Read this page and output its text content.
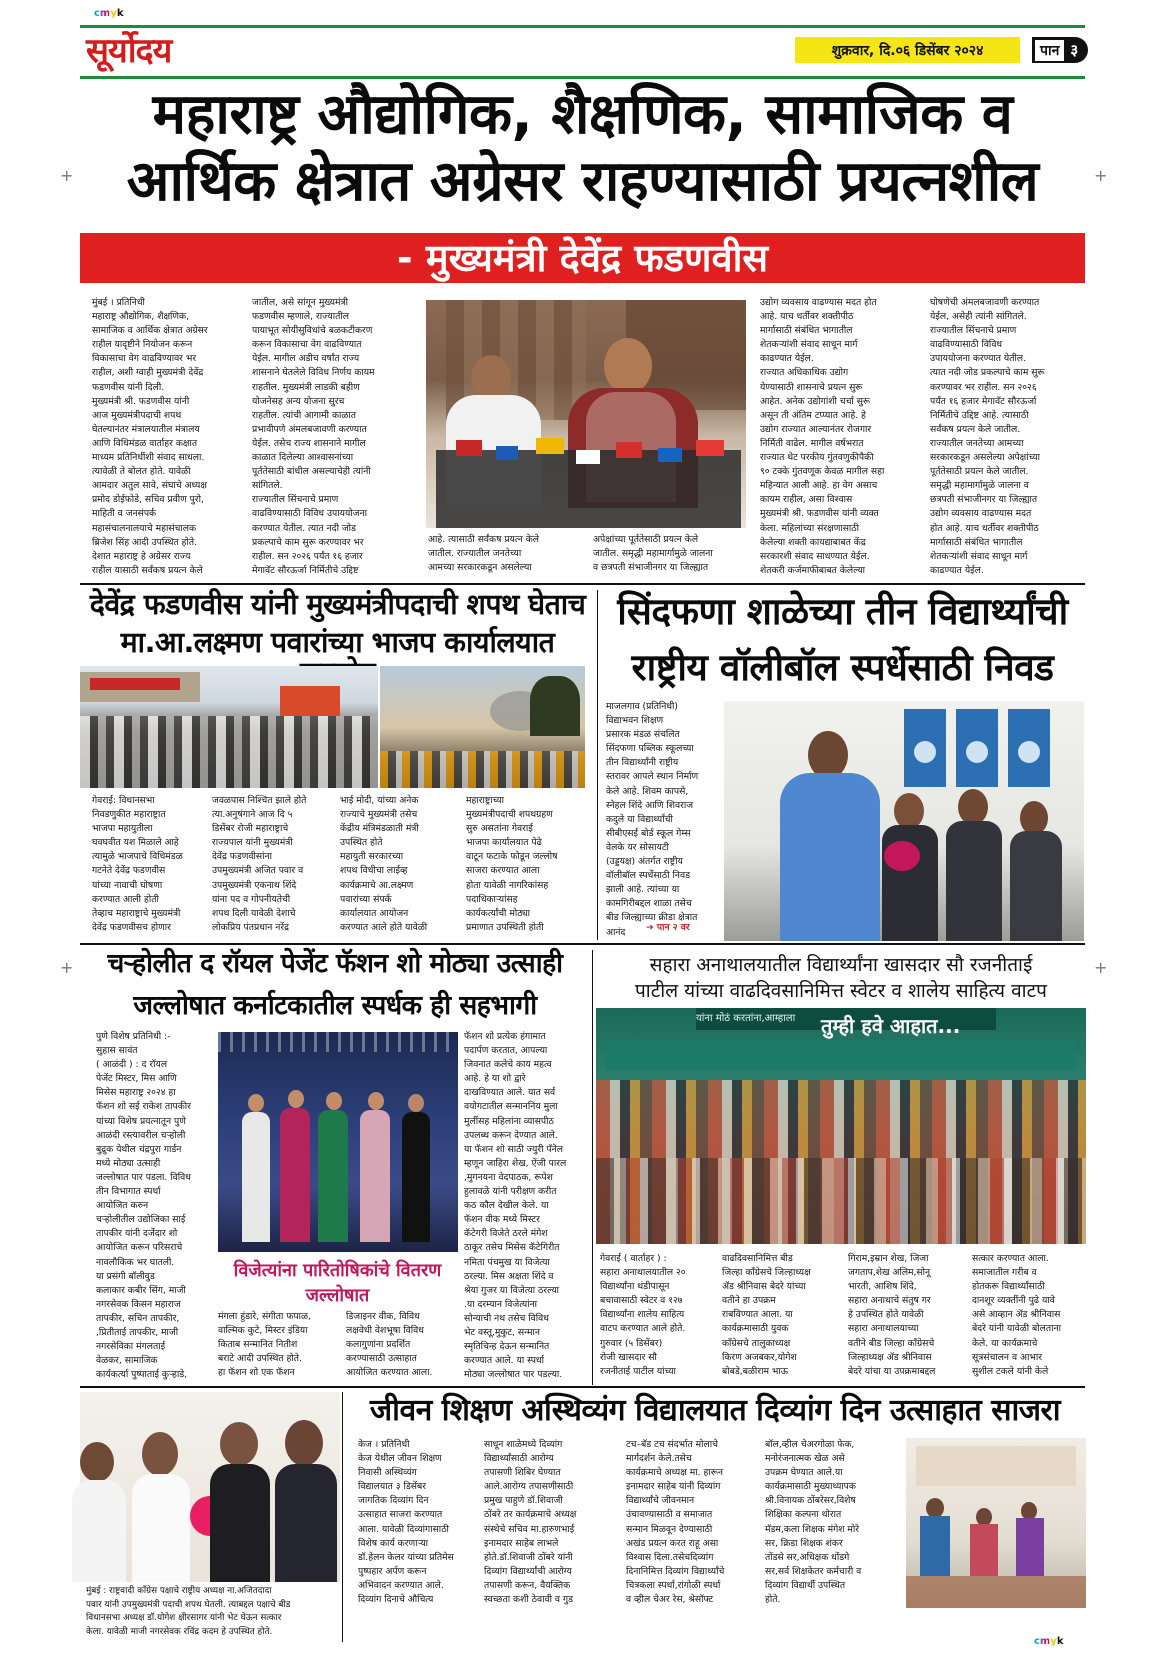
cmyk
cmyk
+	+
+	+
सूर्योदय	शुक्रवार, दि.०६ डिसेंबर २०२४	पान ३
महाराष्ट्र औद्योगिक, शैक्षणिक, सामाजिक व
आर्थिक क्षेत्रात अग्रेसर राहण्यासाठी प्रयत्नशील
- मुख्यमंत्री देवेंद्र फडणवीस
मुंबई । प्रतिनिधी
महाराष्ट्र औद्योगिक, शैक्षणिक,
सामाजिक व आर्थिक क्षेत्रात अग्रेसर
राहील यादृष्टीने नियोजन करून
विकासाचा वेग वाढविण्यावर भर
राहील, अशी ग्वाही मुख्यमंत्री देवेंद्र
फडणवीस यांनी दिली.
मुख्यमंत्री श्री. फडणवीस यांनी
आज मुख्यमंत्रीपदाची शपथ
घेतल्यानंतर मंत्रालयातील मंत्रालय
आणि विधिमंडळ वार्ताहर कक्षात
माध्यम प्रतिनिधींशी संवाद साधला.
त्यावेळी ते बोलत होते. यावेळी
आमदार अतुल सावे, संघाचे अध्यक्ष
प्रमोद डोईफोडे, सचिव प्रवीण पुरो,
माहिती व जनसंपर्क
महासंचालनालयाचे महासंचालक
ब्रिजेश सिंह आदी उपस्थित होते.
देशात महाराष्ट्र हे अग्रेसर राज्य
राहील यासाठी सर्वंकष प्रयत्न केले
जातील, असे सांगून मुख्यमंत्री
फडणवीस म्हणाले, राज्यातील
पायाभूत सोयीसुविधांचे बळकटीकरण
करून विकासाचा वेग वाढविण्यात
येईल. मागील अडीच वर्षांत राज्य
शासनाने घेतलेले विविध निर्णय कायम
राहतील. मुख्यमंत्री लाडकी बहीण
योजनेसह अन्य योजना सुरच
राहतील. त्यांची आगामी काळात
प्रभावीपणे अंमलबजावणी करण्यात
येईल. तसेच राज्य शासनाने मागील
काळात दिलेल्या आश्वासनांच्या
पूर्ततेसाठी बांधील असल्याचेही त्यांनी
सांगितले.
राज्यातील सिंचनाचे प्रमाण
वाढविण्यासाठी विविध उपाययोजना
करण्यात येतील. त्यात नदी जोड
प्रकल्पाचे काम सुरू करण्यावर भर
राहील. सन २०२६ पर्यंत १६ हजार
मेगावॅट सौरऊर्जा निर्मितीचे उद्दिष्ट
आहे. त्यासाठी सर्वंकष प्रयत्न केले
जातील. राज्यातील जनतेच्या
आमच्या सरकारकडून असलेल्या
अपेक्षांच्या पूर्ततेसाठी प्रयत्न केले
जातील. समृद्धी महामार्गामुळे जालना
व छत्रपती संभाजीनगर या जिल्ह्यात
उद्योग व्यवसाय वाढण्यास मदत होत
आहे. याच धर्तीवर शक्तीपीठ
मार्गासाठी संबंधित भागातील
शेतकऱ्यांशी संवाद साधून मार्ग
काढण्यात येईल.
राज्यात अधिकाधिक उद्योग
येण्यासाठी शासनाचे प्रयत्न सुरू
आहेत. अनेक उद्योगांशी चर्चा सुरू
असून ती अंतिम टप्प्यात आहे. हे
उद्योग राज्यात आल्यानंतर रोजगार
निर्मिती वाढेल. मागील वर्षभरात
राज्यात थेट परकीय गुंतवणुकीपैकी
९० टक्के गुंतवणूक केवळ मागील सहा
महिन्यात आली आहे. हा वेग असाच
कायम राहील, असा विश्वास
मुख्यमंत्री श्री. फडणवीस यांनी व्यक्त
केला. महिलांच्या संरक्षणासाठी
केलेल्या शक्ती कायद्याबाबत केंद्र
सरकारशी संवाद साधण्यात येईल.
शेतकरी कर्जमाफीबाबत केलेल्या
घोषणेची अंमलबजावणी करण्यात
येईल, असेही त्यांनी सांगितले.
राज्यातील सिंचनाचे प्रमाण
वाढविण्यासाठी विविध
उपाययोजना करण्यात येतील.
त्यात नदी जोड प्रकल्पाचे काम सुरू
करण्यावर भर राहील. सन २०२६
पर्यंत १६ हजार मेगावॅट सौरऊर्जा
निर्मितीचे उद्दिष्ट आहे. त्यासाठी
सर्वंकष प्रयत्न केले जातील.
राज्यातील जनतेच्या आमच्या
सरकारकडून असलेल्या अपेक्षांच्या
पूर्ततेसाठी प्रयत्न केले जातील.
समृद्धी महामार्गामुळे जालना व
छत्रपती संभाजीनगर या जिल्ह्यात
उद्योग व्यवसाय वाढण्यास मदत
होत आहे. याच धर्तीवर शक्तीपीठ
मार्गासाठी संबंधित भागातील
शेतकऱ्यांशी संवाद साधून मार्ग
काढण्यात येईल.
देवेंद्र फडणवीस यांनी मुख्यमंत्रीपदाची शपथ घेताच
मा.आ.लक्ष्मण पवारांच्या भाजप कार्यालयात
गेवराई: विधानसभा
निवडणुकीत महाराष्ट्रात
भाजपा महायुतीला
घवघवीत यश मिळाले आहे
त्यामुळे भाजपाचे विधिमंडळ
गटनेते देवेंद्र फडणवीस
यांच्या नावाची घोषणा
करण्यात आली होती
तेव्हाच महाराष्ट्राचे मुख्यमंत्री
देवेंद्र फडणवीसच होणार
जवळपास निश्चित झाले होते
त्या.अनुषंगाने आज दि ५
डिसेंबर रोजी महाराष्ट्राचे
राज्यपाल यांनी मुख्यमंत्री
देवेंद्र फडणवीसांना
उपमुख्यमंत्री अजित पवार व
उपमुख्यमंत्री एकनाथ शिंदे
यांना पद व गोपनीयतेची
शपथ दिली यावेळी देशाचे
लोकप्रिय पंतप्रधान नरेंद्र
भाई मोदी, यांच्या अनेक
राज्याचे मुख्यमंत्री तसेच
केंद्रीय मंत्रिमंडळाती मंत्री
उपस्थित होते
महायुती सरकारच्या
शपथ विधीचा लाईव्ह
कार्यक्रमाचे आ.लक्ष्मण
पवारांच्या संपर्क
कार्यालयात आयोजन
करण्यात आले होते यावेळी
महाराष्ट्राच्या
मुख्यमंत्रीपदाची शपथग्रहण
सुरु असतांना गेवराई
भाजपा कार्यालयात पेढे
वाटून फटाके फोडून जल्लोष
साजरा करण्यात आला
होता यावेळी नागरिकांसह
पदाधिकाऱ्यांसह
कार्यकर्त्यांची मोठ्या
प्रमाणात उपस्थिती होती
सिंदफणा शाळेच्या तीन विद्यार्थ्यांची
राष्ट्रीय वॉलीबॉल स्पर्धेसाठी निवड
माजलगाव (प्रतिनिधी)
विद्याभवन शिक्षण
प्रसारक मंडळ संचलित
सिंदफणा पब्लिक स्कूलच्या
तीन विद्यार्थ्यांनी राष्ट्रीय
स्तरावर आपले स्थान निर्माण
केले आहे. शिवम कापसे,
स्नेहल शिंदे आणि शिवराज
कदुले या विद्यार्थ्यांची
सीबीएसई बोर्ड स्कूल गेम्स
वेलके यर सोसायटी
(उड्डयक्ष) अंतर्गत राष्ट्रीय
वॉलीबॉल स्पर्धेसाठी निवड
झाली आहे. त्यांच्या या
कामगिरीबद्दल शाळा तसेच
बीड जिल्ह्याच्या क्रीडा क्षेत्रात
आनंद	➔ पान २ वर
चऱ्होलीत द रॉयल पेजेंट फॅशन शो मोठ्या उत्साही
जल्लोषात कर्नाटकातील स्पर्धक ही सहभागी
पुणे विशेष प्रतिनिधी :-
सुहास सावंत
( आळंदी ) : द रॉयल
पेजेंट मिस्टर, मिस आणि
मिसेस महाराष्ट्र २०२४ हा
फॅशन शो सई राकेश तापकीर
यांच्या विशेष प्रयत्नातून पुणे
आळंदी रस्त्यावरील चऱ्होली
बुद्रुक येथील चंद्रपुरा गार्डन
मध्ये मोठ्या उत्साही
जल्लोषात पार पडला. विविध
तीन विभागात स्पर्धा
आयोजित करुन
चऱ्होलीतील उद्योजिका साई
तापकीर यांनी दर्जेदार शो
आयोजित करून परिसराचे
नावलौकिक भर घातली.
या प्रसंगी बॉलीवुड
कलाकार कबीर सिंग, माजी
नगरसेवक किसन महाराज
तापकीर, सचिन तापकीर,
,प्रितीताई तापकीर, माजी
नगरसेविका मंगलताई
वेळकर, सामाजिक
कार्यकर्त्या पुष्पाताई कुऱ्हाडे,
फॅशन शो प्रत्येक हंगामात
पदार्पण करतात, आपल्या
जिवनात कलेचे काय महत्व
आहे. हे या शो द्वारे
दाखविण्यात आले. यात सर्व
वयोगटातील सन्माननिय मुला
मुलींसह महिलांना व्यासपीठ
उपलब्ध करून देण्यात आले.
या फॅशन शो साठी ज्युरी पॅनेल
म्हणून जाहिरा शेख, ऐंजी पारल
,मुगनयना वेदपाठक, रूपेश
हुलावळे यांनी परीक्षण करीत
कठ कौल देखील केले. या
फॅशन वीक मध्ये मिस्टर
कॅटेगरी विजेते ठरले मंगेश
ठाकूर तसेच मिसेस कॅटेगिरीत
नमिता पंचमुख या विजेत्या
ठरल्या. मिस अक्षता शिंदे व
श्रेया गुजर या विजेत्या ठरल्या
.या दरम्यान विजेत्यांना
सोन्याची नथ तसेच विविध
भेट वस्तू,मुकुट, सन्मान
स्मृतिचिन्ह देऊन सन्मानित
करण्यात आले. या स्पर्धा
मोठ्या जल्लोषात पार पडल्या.
विजेत्यांना पारितोषिकांचे वितरण जल्लोषात
मंगला हुंडारे, संगीता फपाळ,
वाल्मिक कुटे, मिस्टर इंडिया
किताब सन्मानित नितीश
बराटे आदी उपस्थित होते.
हा फॅशन शो एक फॅशन
डिजाइनर वीक, विविध
लक्षवेधी वेशभूषा विविध
कलागुणांना प्रदर्शित
करण्यासाठी उत्साहात
आयोजित करण्यात आला.
सहारा अनाथालयातील विद्यार्थ्यांना खासदार सौ रजनीताई
पाटील यांच्या वाढदिवसानिमित्त स्वेटर व शालेय साहित्य वाटप
यांना मोठं करतांना,आम्हाला	तुम्ही हवे आहात...
गेवराई ( वार्ताहर ) :
सहारा अनाथालयातील २०
विद्यार्थ्यांना थंडीपासून
बचावासाठी स्वेटर व १२७
विद्यार्थ्यांना शालेय साहित्य
वाटप करण्यात आले होते.
गुरुवार (५ डिसेंबर)
रोजी खासदार सौ
रजनीताई पाटील यांच्या
वाढदिवसानिमित्त बीड
जिल्हा काँग्रेसचे जिल्हाध्यक्ष
ॲड श्रीनिवास बेदरे यांच्या
वतीने हा उपक्रम
राबविण्यात आला. या
कार्यक्रमासाठी युवक
काँग्रेसचे तालुकाध्यक्ष
किरण अजबकर,योगेश
बोबडे,बळीराम भाऊ
गिराम,इम्रान शेख, जिजा
जगताप,शेख अलिम,सोनू
भारती, आशिष शिंदे,
सहारा अनाथाचे संतुष गर
हे उपस्थित होते यावेळी
सहारा अनाथालयाच्या
वतीने बीड जिल्हा काँग्रेसचे
जिल्हाध्यक्ष ॲड श्रीनिवास
बेदरे यांचा या उपक्रमाबद्दल
सत्कार करण्यात आला.
समाजातील गरीब व
होतकरू विद्यार्थ्यांसाठी
दानशूर व्यक्तींनी पुढे यावे
असे आव्हान ॲड श्रीनिवास
बेदरे यांनी यावेळी बोलताना
केले. या कार्यक्रमाचे
सूत्रसंचालन व आभार
सुशील टकले यांनी केले
मुंबई : राष्ट्रवादी काँग्रेस पक्षाचे राष्ट्रीय अध्यक्ष ना.अजितदादा
पवार यांनी उपमुख्यमंत्री पदाची शपथ घेतली. त्याबद्दल पक्षाचे बीड
विधानसभा अध्यक्ष डॉ.योगेश क्षीरसागर यांनी भेट घेऊन सत्कार
केला. यावेळी माजी नगरसेवक रविंद्र कदम हे उपस्थित होते.
जीवन शिक्षण अस्थिव्यंग विद्यालयात दिव्यांग दिन उत्साहात साजरा
केज । प्रतिनिधी
केज येथील जीवन शिक्षण
निवासी अस्थिव्यंग
विद्यालयात ३ डिसेंबर
जागतिक दिव्यांग दिन
उत्साहात साजरा करण्यात
आला. यावेळी दिव्यांगासाठी
विशेष कार्य करणाऱ्या
डॉ.हेलन केलर यांच्या प्रतिमेस
पुष्पहार अर्पण करून
अभिवादन करण्यात आले.
दिव्यांग दिनाचे औचित्य
साधून शाळेमध्ये दिव्यांग
विद्यार्थ्यांसाठी आरोग्य
तपासणी शिबिर घेण्यात
आले.आरोग्य तपासणीसाठी
प्रमुख पाहुणे डॉ.शिवाजी
ठोंबरे तर कार्यक्रमाचे अध्यक्ष
संस्थेचे सचिव मा.हारुणभाई
इनामदार साहेब लाभले
होते.डॉ.शिवाजी ठोंबरे यांनी
दिव्यांग विद्यार्थ्यांची आरोग्य
तपासणी करून, वैयक्तिक
स्वच्छता कशी ठेवावी व गुड
टच–बॅड टच संदर्भात मोलाचे
मार्गदर्शन केले.तसेच
कार्यक्रमाचे अध्यक्ष मा. हारून
इनामदार साहेब यांनी दिव्यांग
विद्यार्थ्यांचे जीवनमान
उंचावण्यासाठी व समाजात
सन्मान मिळवून देण्यासाठी
अखंड प्रयत्न करत राहू असा
विश्वास दिला.तसेचदिव्यांग
दिनानिमित्त दिव्यांग विद्यार्थ्यांचे
चित्रकला स्पर्धा,रांगोळी स्पर्धा
व व्हील चेअर रेस, श्रेसॉफ्ट
बॉल,व्हील चेअरगोळा फेक,
मनोरंजनात्मक खेळ असे
उपक्रम घेण्यात आले.या
कार्यक्रमासाठी मुख्याध्यापक
श्री.विनायक ठोंबरेसर,विशेष
शिक्षिका कल्पना थोरात
मॅडम,कला शिक्षक मंगेश मोरे
सर, क्रिडा शिक्षक शंकर
तोंडसे सर,अधिक्षक धोंडगे
सर,सर्व शिक्षकेतर कर्मचारी व
दिव्यांग विद्यार्थी उपस्थित
होते.
